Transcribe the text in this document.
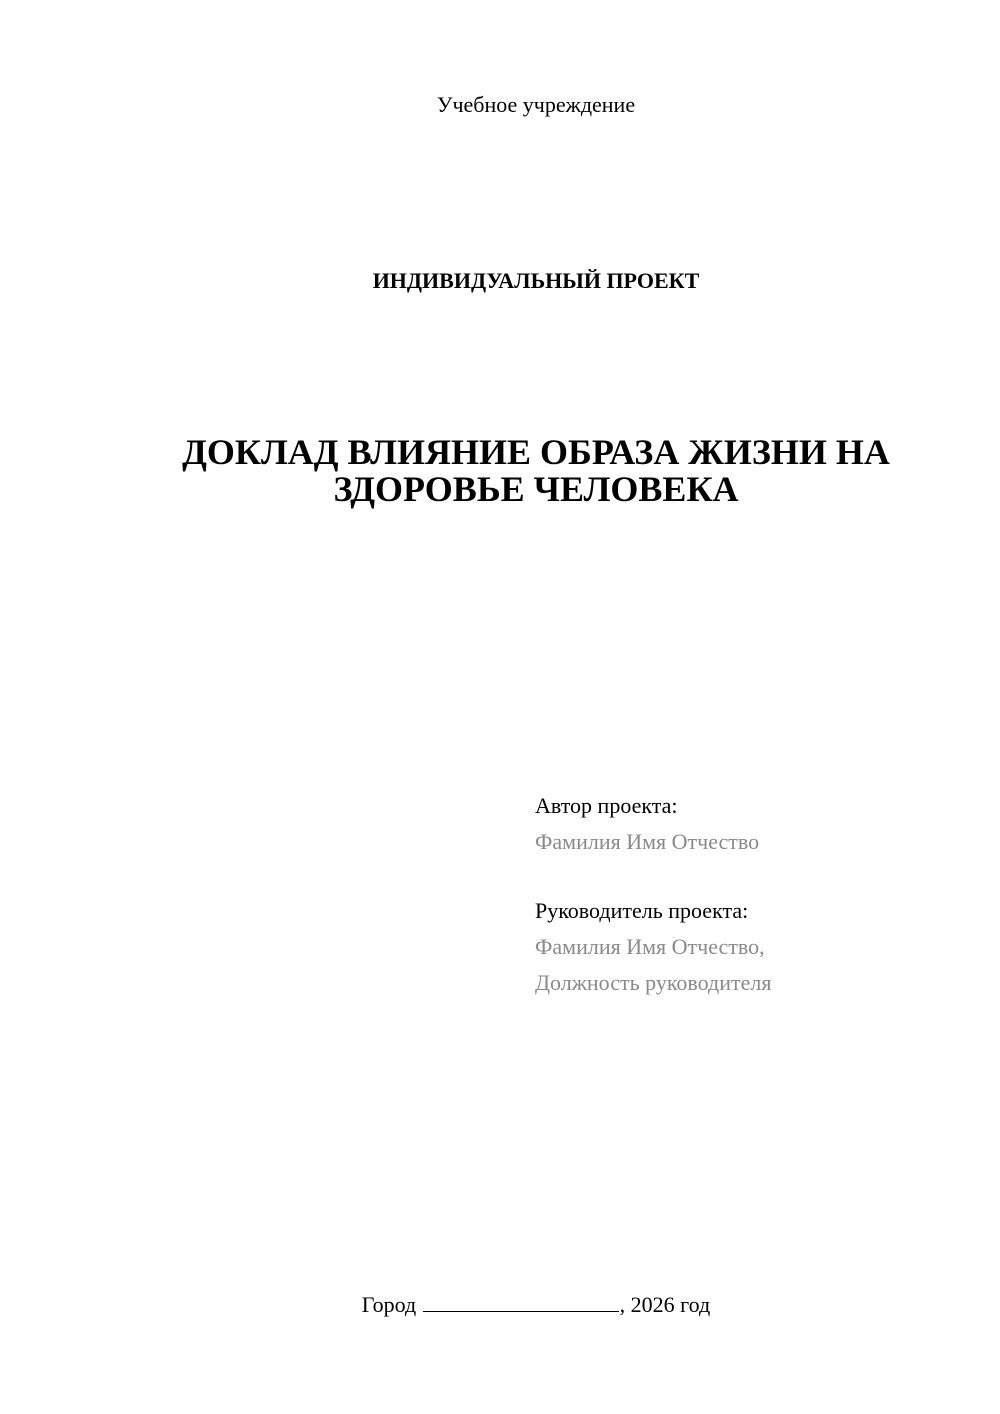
Учебное учреждение
ИНДИВИДУАЛЬНЫЙ ПРОЕКТ
ДОКЛАД ВЛИЯНИЕ ОБРАЗА ЖИЗНИ НА
ЗДОРОВЬЕ ЧЕЛОВЕКА
Автор проекта:
Фамилия Имя Отчество
Руководитель проекта:
Фамилия Имя Отчество,
Должность руководителя
Город	, 2026 год
